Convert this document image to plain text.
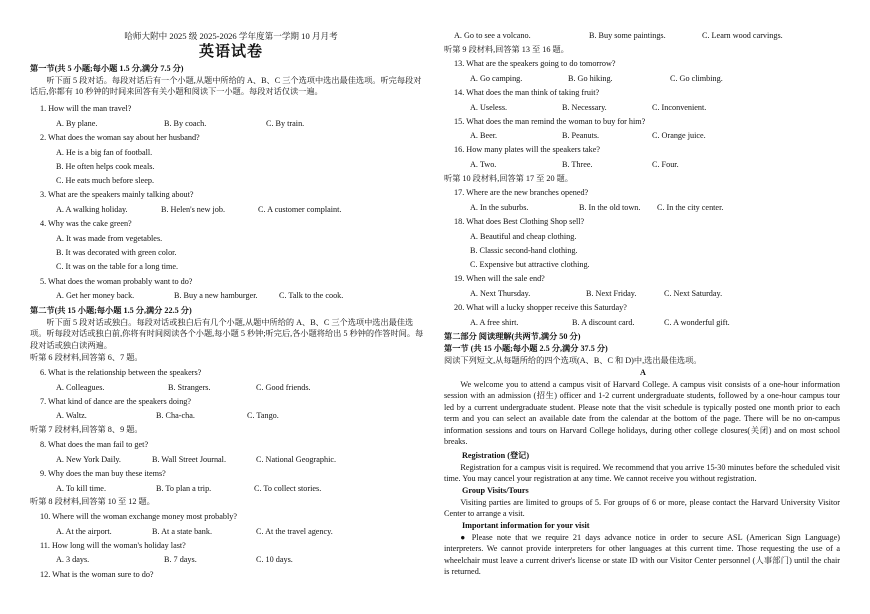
哈师大附中 2025 级 2025-2026 学年度第一学期 10 月月考
英语试卷
第一节(共 5 小题;每小题 1.5 分,满分 7.5 分)
听下面 5 段对话。每段对话后有一个小题,从题中所给的 A、B、C 三个选项中选出最佳选项。听完每段对话后,你都有 10 秒钟的时间来回答有关小题和阅读下一小题。每段对话仅读一遍。
1. How will the man travel?
A. By plane.	B. By coach.	C. By train.
2. What does the woman say about her husband?
A. He is a big fan of football.
B. He often helps cook meals.
C. He eats much before sleep.
3. What are the speakers mainly talking about?
A. A walking holiday.	B. Helen's new job.	C. A customer complaint.
4. Why was the cake green?
A. It was made from vegetables.
B. It was decorated with green color.
C. It was on the table for a long time.
5. What does the woman probably want to do?
A. Get her money back.	B. Buy a new hamburger.	C. Talk to the cook.
第二节(共 15 小题;每小题 1.5 分,满分 22.5 分)
听下面 5 段对话或独白。每段对话或独白后有几个小题,从题中所给的 A、B、C 三个选项中选出最佳选项。听每段对话或独白前,你将有时间阅读各个小题,每小题 5 秒钟;听完后,各小题将给出 5 秒钟的作答时间。每段对话或独白读两遍。
听第 6 段材料,回答第 6、7 题。
6. What is the relationship between the speakers?
A. Colleagues.	B. Strangers.	C. Good friends.
7. What kind of dance are the speakers doing?
A. Waltz.	B. Cha-cha.	C. Tango.
听第 7 段材料,回答第 8、9 题。
8. What does the man fail to get?
A. New York Daily.	B. Wall Street Journal.	C. National Geographic.
9. Why does the man buy these items?
A. To kill time.	B. To plan a trip.	C. To collect stories.
听第 8 段材料,回答第 10 至 12 题。
10. Where will the woman exchange money most probably?
A. At the airport.	B. At a state bank.	C. At the travel agency.
11. How long will the woman's holiday last?
A. 3 days.	B. 7 days.	C. 10 days.
12. What is the woman sure to do?
A. Go to see a volcano.	B. Buy some paintings.	C. Learn wood carvings.
听第 9 段材料,回答第 13 至 16 题。
13. What are the speakers going to do tomorrow?
A. Go camping.	B. Go hiking.	C. Go climbing.
14. What does the man think of taking fruit?
A. Useless.	B. Necessary.	C. Inconvenient.
15. What does the man remind the woman to buy for him?
A. Beer.	B. Peanuts.	C. Orange juice.
16. How many plates will the speakers take?
A. Two.	B. Three.	C. Four.
听第 10 段材料,回答第 17 至 20 题。
17. Where are the new branches opened?
A. In the suburbs.	B. In the old town. C. In the city center.
18. What does Best Clothing Shop sell?
A. Beautiful and cheap clothing.
B. Classic second-hand clothing.
C. Expensive but attractive clothing.
19. When will the sale end?
A. Next Thursday.	B. Next Friday.	C. Next Saturday.
20. What will a lucky shopper receive this Saturday?
A. A free shirt.	B. A discount card.	C. A wonderful gift.
第二部分 阅读理解(共两节,满分 50 分)
第一节 (共 15 小题;每小题 2.5 分,满分 37.5 分)
阅读下列短文,从每题所给的四个选项(A、B、C 和 D)中,选出最佳选项。
A
We welcome you to attend a campus visit of Harvard College. A campus visit consists of a one-hour information session with an admission (招生) officer and 1-2 current undergraduate students, followed by a one-hour campus tour led by a current undergraduate student. Please note that the visit schedule is typically posted one month prior to each term and you can select an available date from the calendar at the bottom of the page. There will be no on-campus information sessions and tours on Harvard College holidays, during other college closures(关闭) and on most school breaks.
Registration (登记)
Registration for a campus visit is required. We recommend that you arrive 15-30 minutes before the scheduled visit time. You may cancel your registration at any time. We cannot receive you without registration.
Group Visits/Tours
Visiting parties are limited to groups of 5. For groups of 6 or more, please contact the Harvard University Visitor Center to arrange a visit.
Important information for your visit
● Please note that we require 21 days advance notice in order to secure ASL (American Sign Language) interpreters. We cannot provide interpreters for other languages at this current time. Those requesting the use of a wheelchair must leave a current driver's license or state ID with our Visitor Center personnel (人事部门) until the chair is returned.
